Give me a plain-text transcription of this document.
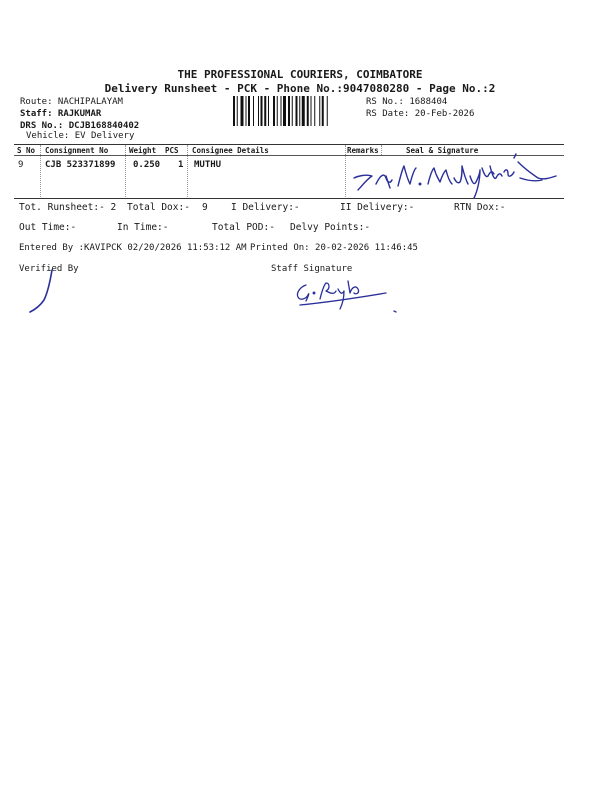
THE PROFESSIONAL COURIERS, COIMBATORE
Delivery Runsheet - PCK - Phone No.:9047080280 - Page No.:2
Route: NACHIPALAYAM
Staff: RAJKUMAR
DRS No.: DCJB168840402
Vehicle: EV Delivery
RS No.: 1688404
RS Date: 20-Feb-2026
S No Consignment No	Weight PCS Consignee Details	Remarks	Seal & Signature
9 CJB 523371899 0.250 1 MUTHU
Tot. Runsheet:- 2 Total Dox:- 9 I Delivery:-	II Delivery:-	RTN Dox:-
Out Time:-	In Time:-	Total POD:- Delvy Points:-
Entered By :KAVIPCK 02/20/2026 11:53:12 AM Printed On: 20-02-2026 11:46:45
Verified By	Staff Signature
